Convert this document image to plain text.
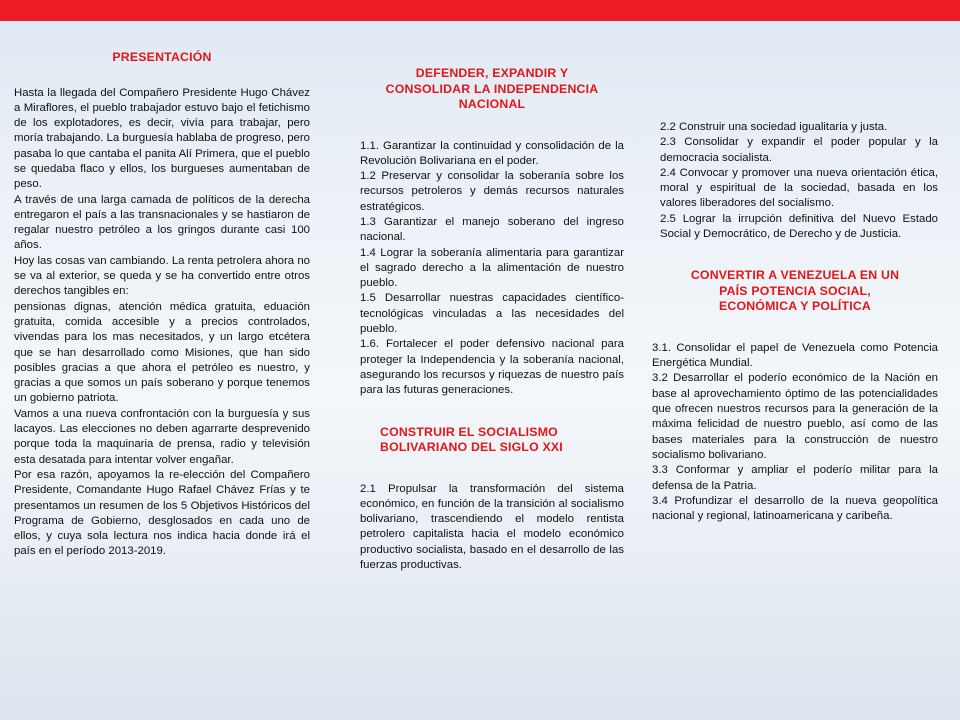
PRESENTACIÓN

Hasta la llegada del Compañero Presidente Hugo Chávez a Miraflores, el pueblo trabajador estuvo bajo el fetichismo de los explotadores, es decir, vivía para trabajar, pero moría trabajando. La burguesía hablaba de progreso, pero pasaba lo que cantaba el panita Alí Primera, que el pueblo se quedaba flaco y ellos, los burgueses aumentaban de peso.

A través de una larga camada de políticos de la derecha entregaron el país a las transnacionales y se hastiaron de regalar nuestro petróleo a los gringos durante casi 100 años.

Hoy las cosas van cambiando. La renta petrolera ahora no se va al exterior, se queda y se ha convertido entre otros derechos tangibles en:

pensionas dignas, atención médica gratuita, eduación gratuita, comida accesible y a precios controlados, vivendas para los mas necesitados, y un largo etcétera que se han desarrollado como Misiones, que han sido posibles gracias a que ahora el petróleo es nuestro, y gracias a que somos un país soberano y porque tenemos un gobierno patriota.

Vamos a una nueva confrontación con la burguesía y sus lacayos. Las elecciones no deben agarrarte desprevenido porque toda la maquinaria de prensa, radio y televisión esta desatada para intentar volver engañar.

Por esa razón, apoyamos la re-elección del Compañero Presidente, Comandante Hugo Rafael Chávez Frías y te presentamos un resumen de los 5 Objetivos Históricos del Programa de Gobierno, desglosados en cada uno de ellos, y cuya sola lectura nos indica hacia donde irá el país en el período 2013-2019.

DEFENDER, EXPANDIR Y
CONSOLIDAR LA INDEPENDENCIA
NACIONAL

1.1. Garantizar la continuidad y consolidación de la Revolución Bolivariana en el poder.

1.2 Preservar y consolidar la soberanía sobre los recursos petroleros y demás recursos naturales estratégicos.

1.3 Garantizar el manejo soberano del ingreso nacional.

1.4 Lograr la soberanía alimentaria para garantizar el sagrado derecho a la alimentación de nuestro pueblo.

1.5 Desarrollar nuestras capacidades científico-tecnológicas vinculadas a las necesidades del pueblo.

1.6. Fortalecer el poder defensivo nacional para proteger la Independencia y la soberanía nacional, asegurando los recursos y riquezas de nuestro país para las futuras generaciones.

CONSTRUIR EL SOCIALISMO
BOLIVARIANO DEL SIGLO XXI

2.1 Propulsar la transformación del sistema económico, en función de la transición al socialismo bolivariano, trascendiendo el modelo rentista petrolero capitalista hacia el modelo económico productivo socialista, basado en el desarrollo de las fuerzas productivas.

2.2 Construir una sociedad igualitaria y justa.

2.3 Consolidar y expandir el poder popular y la democracia socialista.

2.4 Convocar y promover una nueva orientación ética, moral y espiritual de la sociedad, basada en los valores liberadores del socialismo.

2.5 Lograr la irrupción definitiva del Nuevo Estado Social y Democrático, de Derecho y de Justicia.

CONVERTIR A VENEZUELA EN UN
PAÍS POTENCIA SOCIAL,
ECONÓMICA Y POLÍTICA

3.1. Consolidar el papel de Venezuela como Potencia Energética Mundial.

3.2 Desarrollar el poderío económico de la Nación en base al aprovechamiento óptimo de las potencialidades que ofrecen nuestros recursos para la generación de la máxima felicidad de nuestro pueblo, así como de las bases materiales para la construcción de nuestro socialismo bolivariano.

3.3 Conformar y ampliar el poderío militar para la defensa de la Patria.

3.4 Profundizar el desarrollo de la nueva geopolítica nacional y regional, latinoamericana y caribeña.
